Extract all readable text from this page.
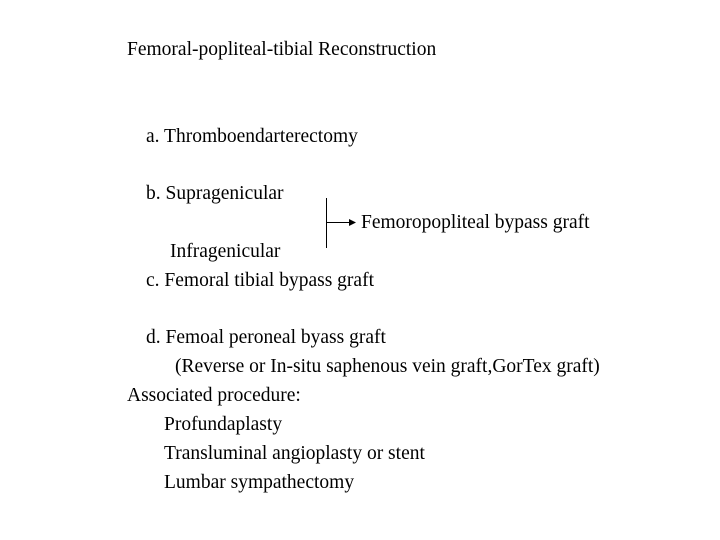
Femoral-popliteal-tibial Reconstruction
a. Thromboendarterectomy
b. Supragenicular
Femoropopliteal bypass graft
Infragenicular
c. Femoral tibial bypass graft
d. Femoal peroneal byass graft
(Reverse or In-situ saphenous vein graft,GorTex graft)
Associated procedure:
Profundaplasty
Transluminal angioplasty or stent
Lumbar sympathectomy
